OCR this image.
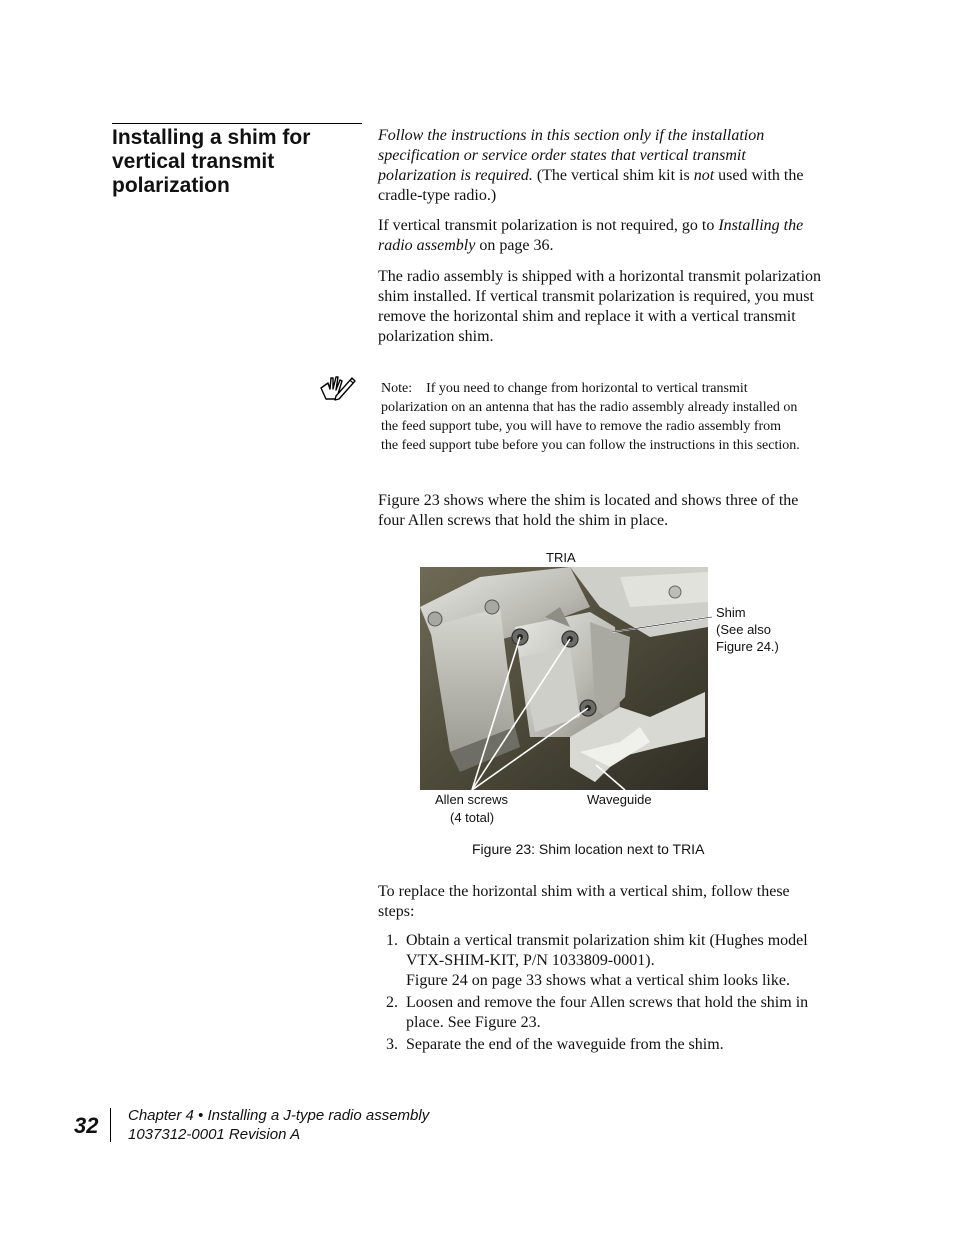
Installing a shim for vertical transmit polarization

Follow the instructions in this section only if the installation specification or service order states that vertical transmit polarization is required. (The vertical shim kit is not used with the cradle-type radio.)

If vertical transmit polarization is not required, go to Installing the radio assembly on page 36.

The radio assembly is shipped with a horizontal transmit polarization shim installed. If vertical transmit polarization is required, you must remove the horizontal shim and replace it with a vertical transmit polarization shim.

Note: If you need to change from horizontal to vertical transmit polarization on an antenna that has the radio assembly already installed on the feed support tube, you will have to remove the radio assembly from the feed support tube before you can follow the instructions in this section.

Figure 23 shows where the shim is located and shows three of the four Allen screws that hold the shim in place.

TRIA

Shim

(See also

Figure 24.)

Allen screws

(4 total)

Waveguide

Figure 23: Shim location next to TRIA

To replace the horizontal shim with a vertical shim, follow these steps:

1. Obtain a vertical transmit polarization shim kit (Hughes model VTX-SHIM-KIT, P/N 1033809-0001).
Figure 24 on page 33 shows what a vertical shim looks like.
2. Loosen and remove the four Allen screws that hold the shim in place. See Figure 23.
3. Separate the end of the waveguide from the shim.

32 Chapter 4 • Installing a J-type radio assembly
1037312-0001 Revision A
